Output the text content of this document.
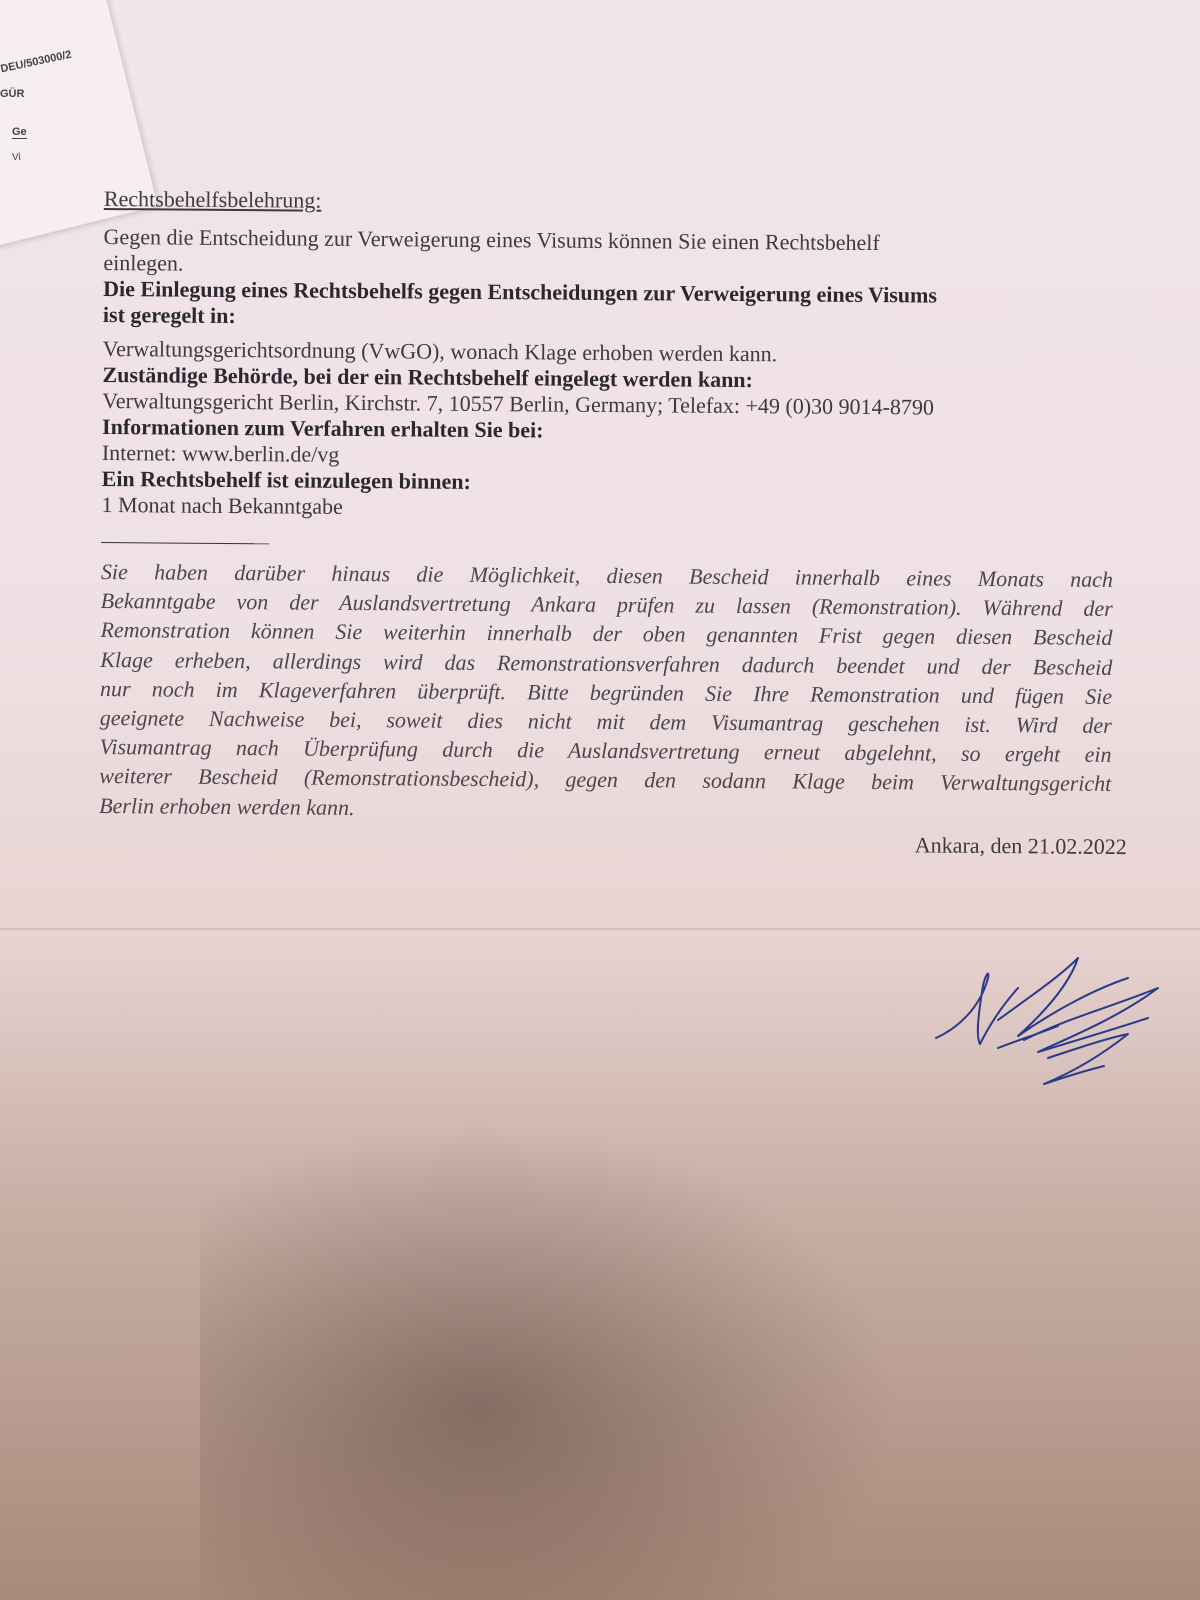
DEU/503000/2
GÜR
Ge
Vi
Rechtsbehelfsbelehrung:
Gegen die Entscheidung zur Verweigerung eines Visums können Sie einen Rechtsbehelf
einlegen.
Die Einlegung eines Rechtsbehelfs gegen Entscheidungen zur Verweigerung eines Visums
ist geregelt in:
Verwaltungsgerichtsordnung (VwGO), wonach Klage erhoben werden kann.
Zuständige Behörde, bei der ein Rechtsbehelf eingelegt werden kann:
Verwaltungsgericht Berlin, Kirchstr. 7, 10557 Berlin, Germany; Telefax: +49 (0)30 9014-8790
Informationen zum Verfahren erhalten Sie bei:
Internet: www.berlin.de/vg
Ein Rechtsbehelf ist einzulegen binnen:
1 Monat nach Bekanntgabe
Sie haben darüber hinaus die Möglichkeit, diesen Bescheid innerhalb eines Monats nach
Bekanntgabe von der Auslandsvertretung Ankara prüfen zu lassen (Remonstration). Während der
Remonstration können Sie weiterhin innerhalb der oben genannten Frist gegen diesen Bescheid
Klage erheben, allerdings wird das Remonstrationsverfahren dadurch beendet und der Bescheid
nur noch im Klageverfahren überprüft. Bitte begründen Sie Ihre Remonstration und fügen Sie
geeignete Nachweise bei, soweit dies nicht mit dem Visumantrag geschehen ist. Wird der
Visumantrag nach Überprüfung durch die Auslandsvertretung erneut abgelehnt, so ergeht ein
weiterer Bescheid (Remonstrationsbescheid), gegen den sodann Klage beim Verwaltungsgericht
Berlin erhoben werden kann.
Ankara, den 21.02.2022
